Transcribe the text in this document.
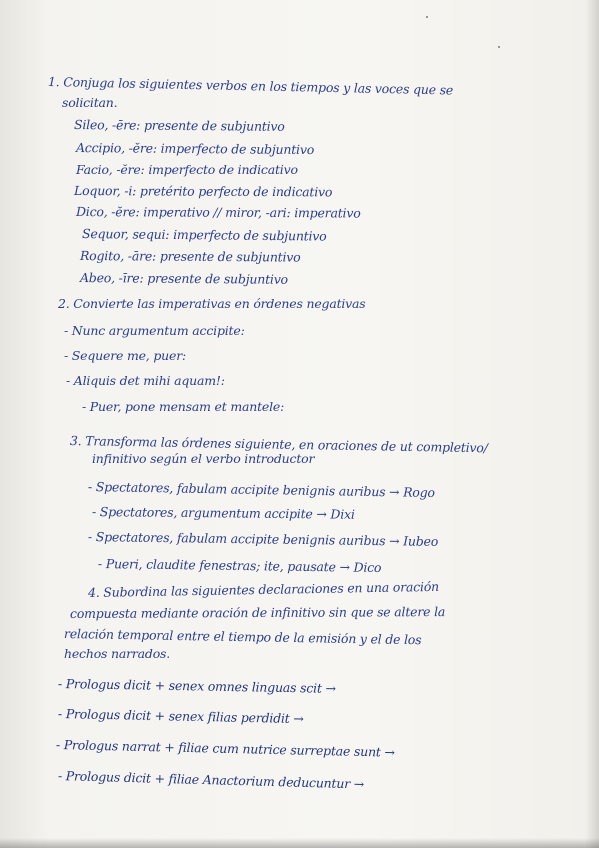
1. Conjuga los siguientes verbos en los tiempos y las voces que se
solicitan.
Sileo, -ēre: presente de subjuntivo
Accipio, -ĕre: imperfecto de subjuntivo
Facio, -ĕre: imperfecto de indicativo
Loquor, -i: pretérito perfecto de indicativo
Dico, -ĕre: imperativo // miror, -ari: imperativo
Sequor, sequi: imperfecto de subjuntivo
Rogito, -āre: presente de subjuntivo
Abeo, -īre: presente de subjuntivo
2. Convierte las imperativas en órdenes negativas
- Nunc argumentum accipite:
- Sequere me, puer:
- Aliquis det mihi aquam!:
- Puer, pone mensam et mantele:
3. Transforma las órdenes siguiente, en oraciones de ut completivo/
infinitivo según el verbo introductor
- Spectatores, fabulam accipite benignis auribus → Rogo
- Spectatores, argumentum accipite → Dixi
- Spectatores, fabulam accipite benignis auribus → Iubeo
- Pueri, claudite fenestras; ite, pausate → Dico
4. Subordina las siguientes declaraciones en una oración
compuesta mediante oración de infinitivo sin que se altere la
relación temporal entre el tiempo de la emisión y el de los
hechos narrados.
- Prologus dicit + senex omnes linguas scit →
- Prologus dicit + senex filias perdidit →
- Prologus narrat + filiae cum nutrice surreptae sunt →
- Prologus dicit + filiae Anactorium deducuntur →
